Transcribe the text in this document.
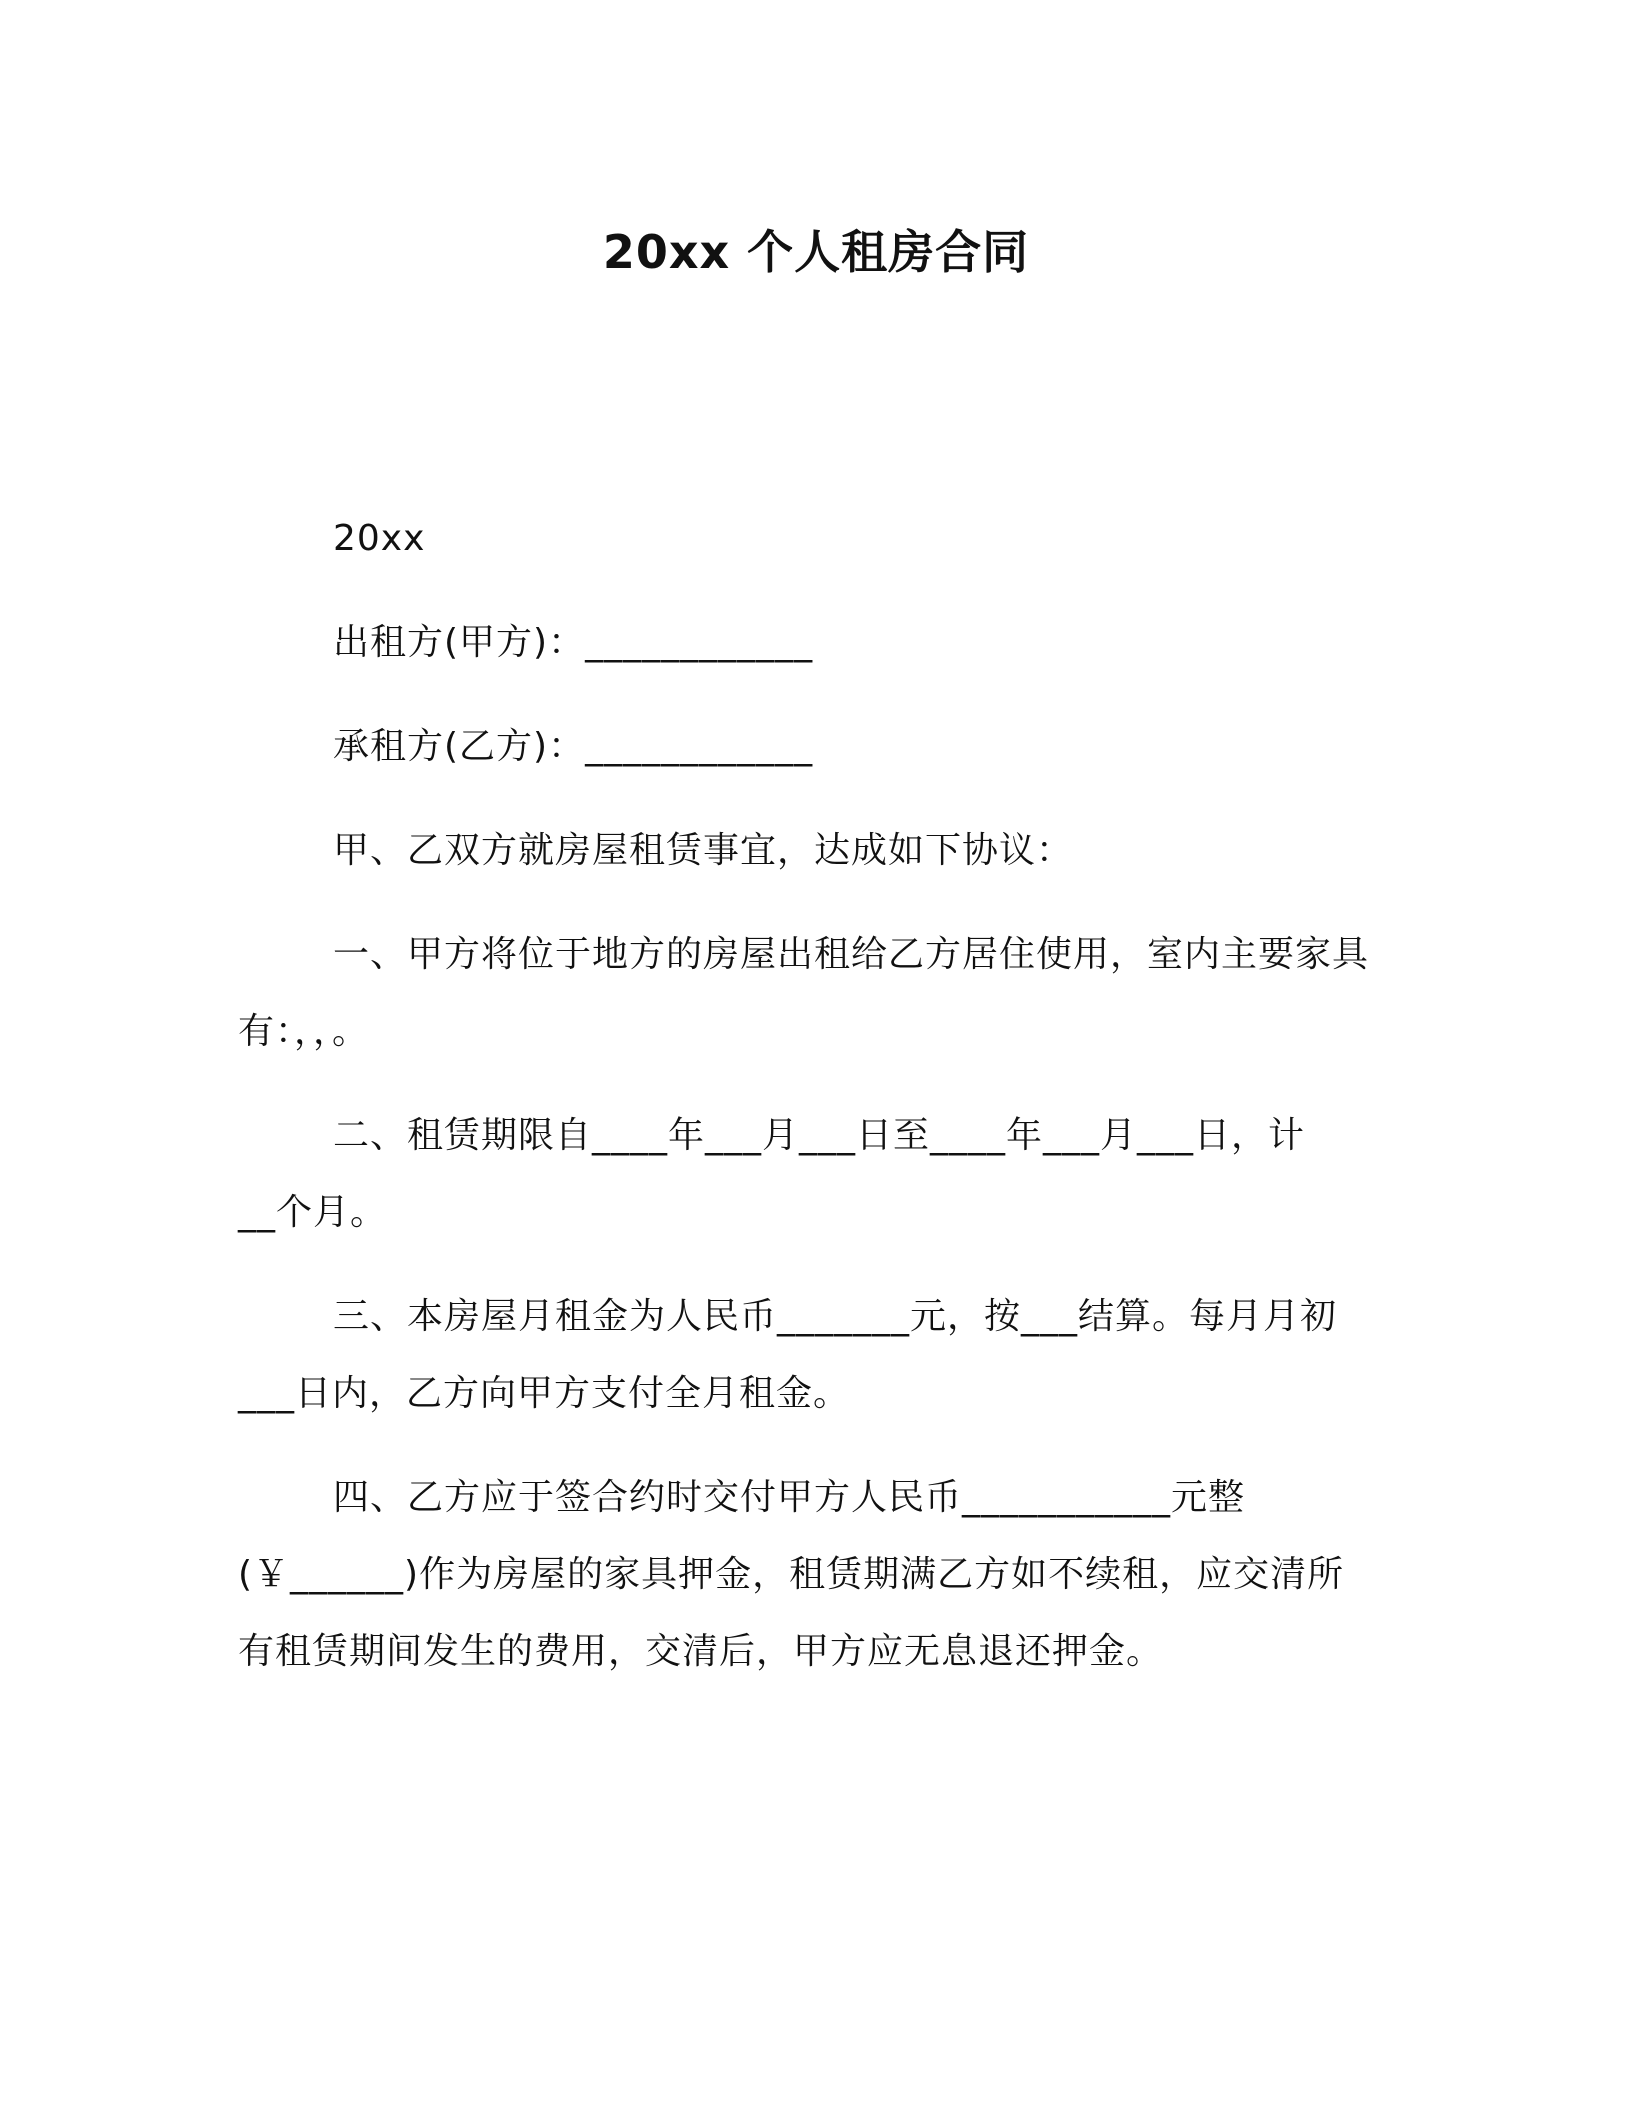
20xx 个人租房合同

20xx

出租方(甲方)：____________

承租方(乙方)：____________

甲、乙双方就房屋租赁事宜，达成如下协议：

一、甲方将位于地方的房屋出租给乙方居住使用，室内主要家具
有：，，。

二、租赁期限自____年___月___日至____年___月___日，计
__个月。

三、本房屋月租金为人民币_______元，按___结算。每月月初
___日内，乙方向甲方支付全月租金。

四、乙方应于签合约时交付甲方人民币___________元整
(￥______)作为房屋的家具押金，租赁期满乙方如不续租，应交清所
有租赁期间发生的费用，交清后，甲方应无息退还押金。
